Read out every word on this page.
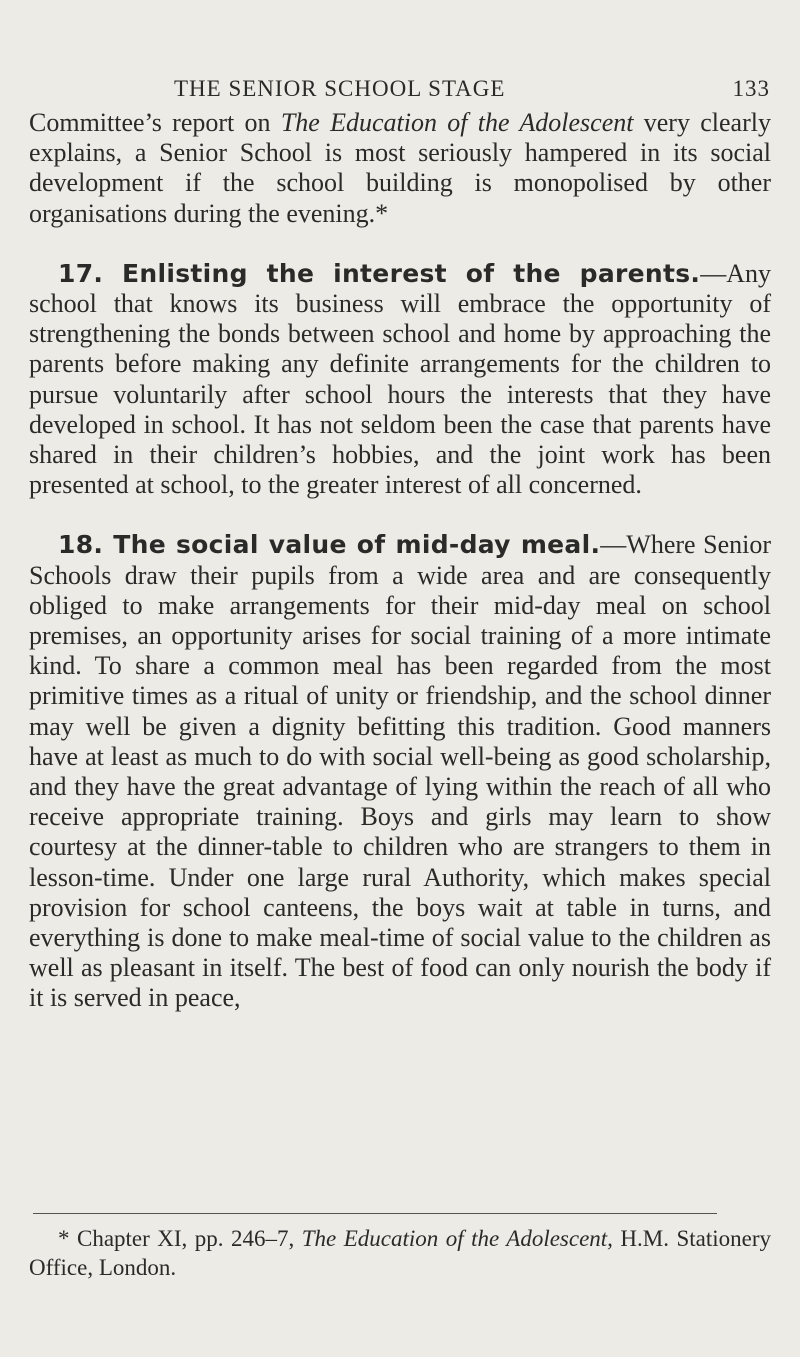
THE SENIOR SCHOOL STAGE	133

Committee’s report on The Education of the Adolescent very clearly explains, a Senior School is most seriously hampered in its social development if the school building is monopolised by other organisations during the evening.*

17. Enlisting the interest of the parents.—Any school that knows its business will embrace the opportunity of strengthening the bonds between school and home by approaching the parents before making any definite arrangements for the children to pursue voluntarily after school hours the interests that they have developed in school. It has not seldom been the case that parents have shared in their children’s hobbies, and the joint work has been presented at school, to the greater interest of all concerned.

18. The social value of mid-day meal.—Where Senior Schools draw their pupils from a wide area and are consequently obliged to make arrangements for their mid-day meal on school premises, an opportunity arises for social training of a more intimate kind. To share a common meal has been regarded from the most primitive times as a ritual of unity or friendship, and the school dinner may well be given a dignity befitting this tradition. Good manners have at least as much to do with social well-being as good scholarship, and they have the great advantage of lying within the reach of all who receive appropriate training. Boys and girls may learn to show courtesy at the dinner-table to children who are strangers to them in lesson-time. Under one large rural Authority, which makes special provision for school canteens, the boys wait at table in turns, and everything is done to make meal-time of social value to the children as well as pleasant in itself. The best of food can only nourish the body if it is served in peace,

* Chapter XI, pp. 246–7, The Education of the Adolescent, H.M. Stationery Office, London.
